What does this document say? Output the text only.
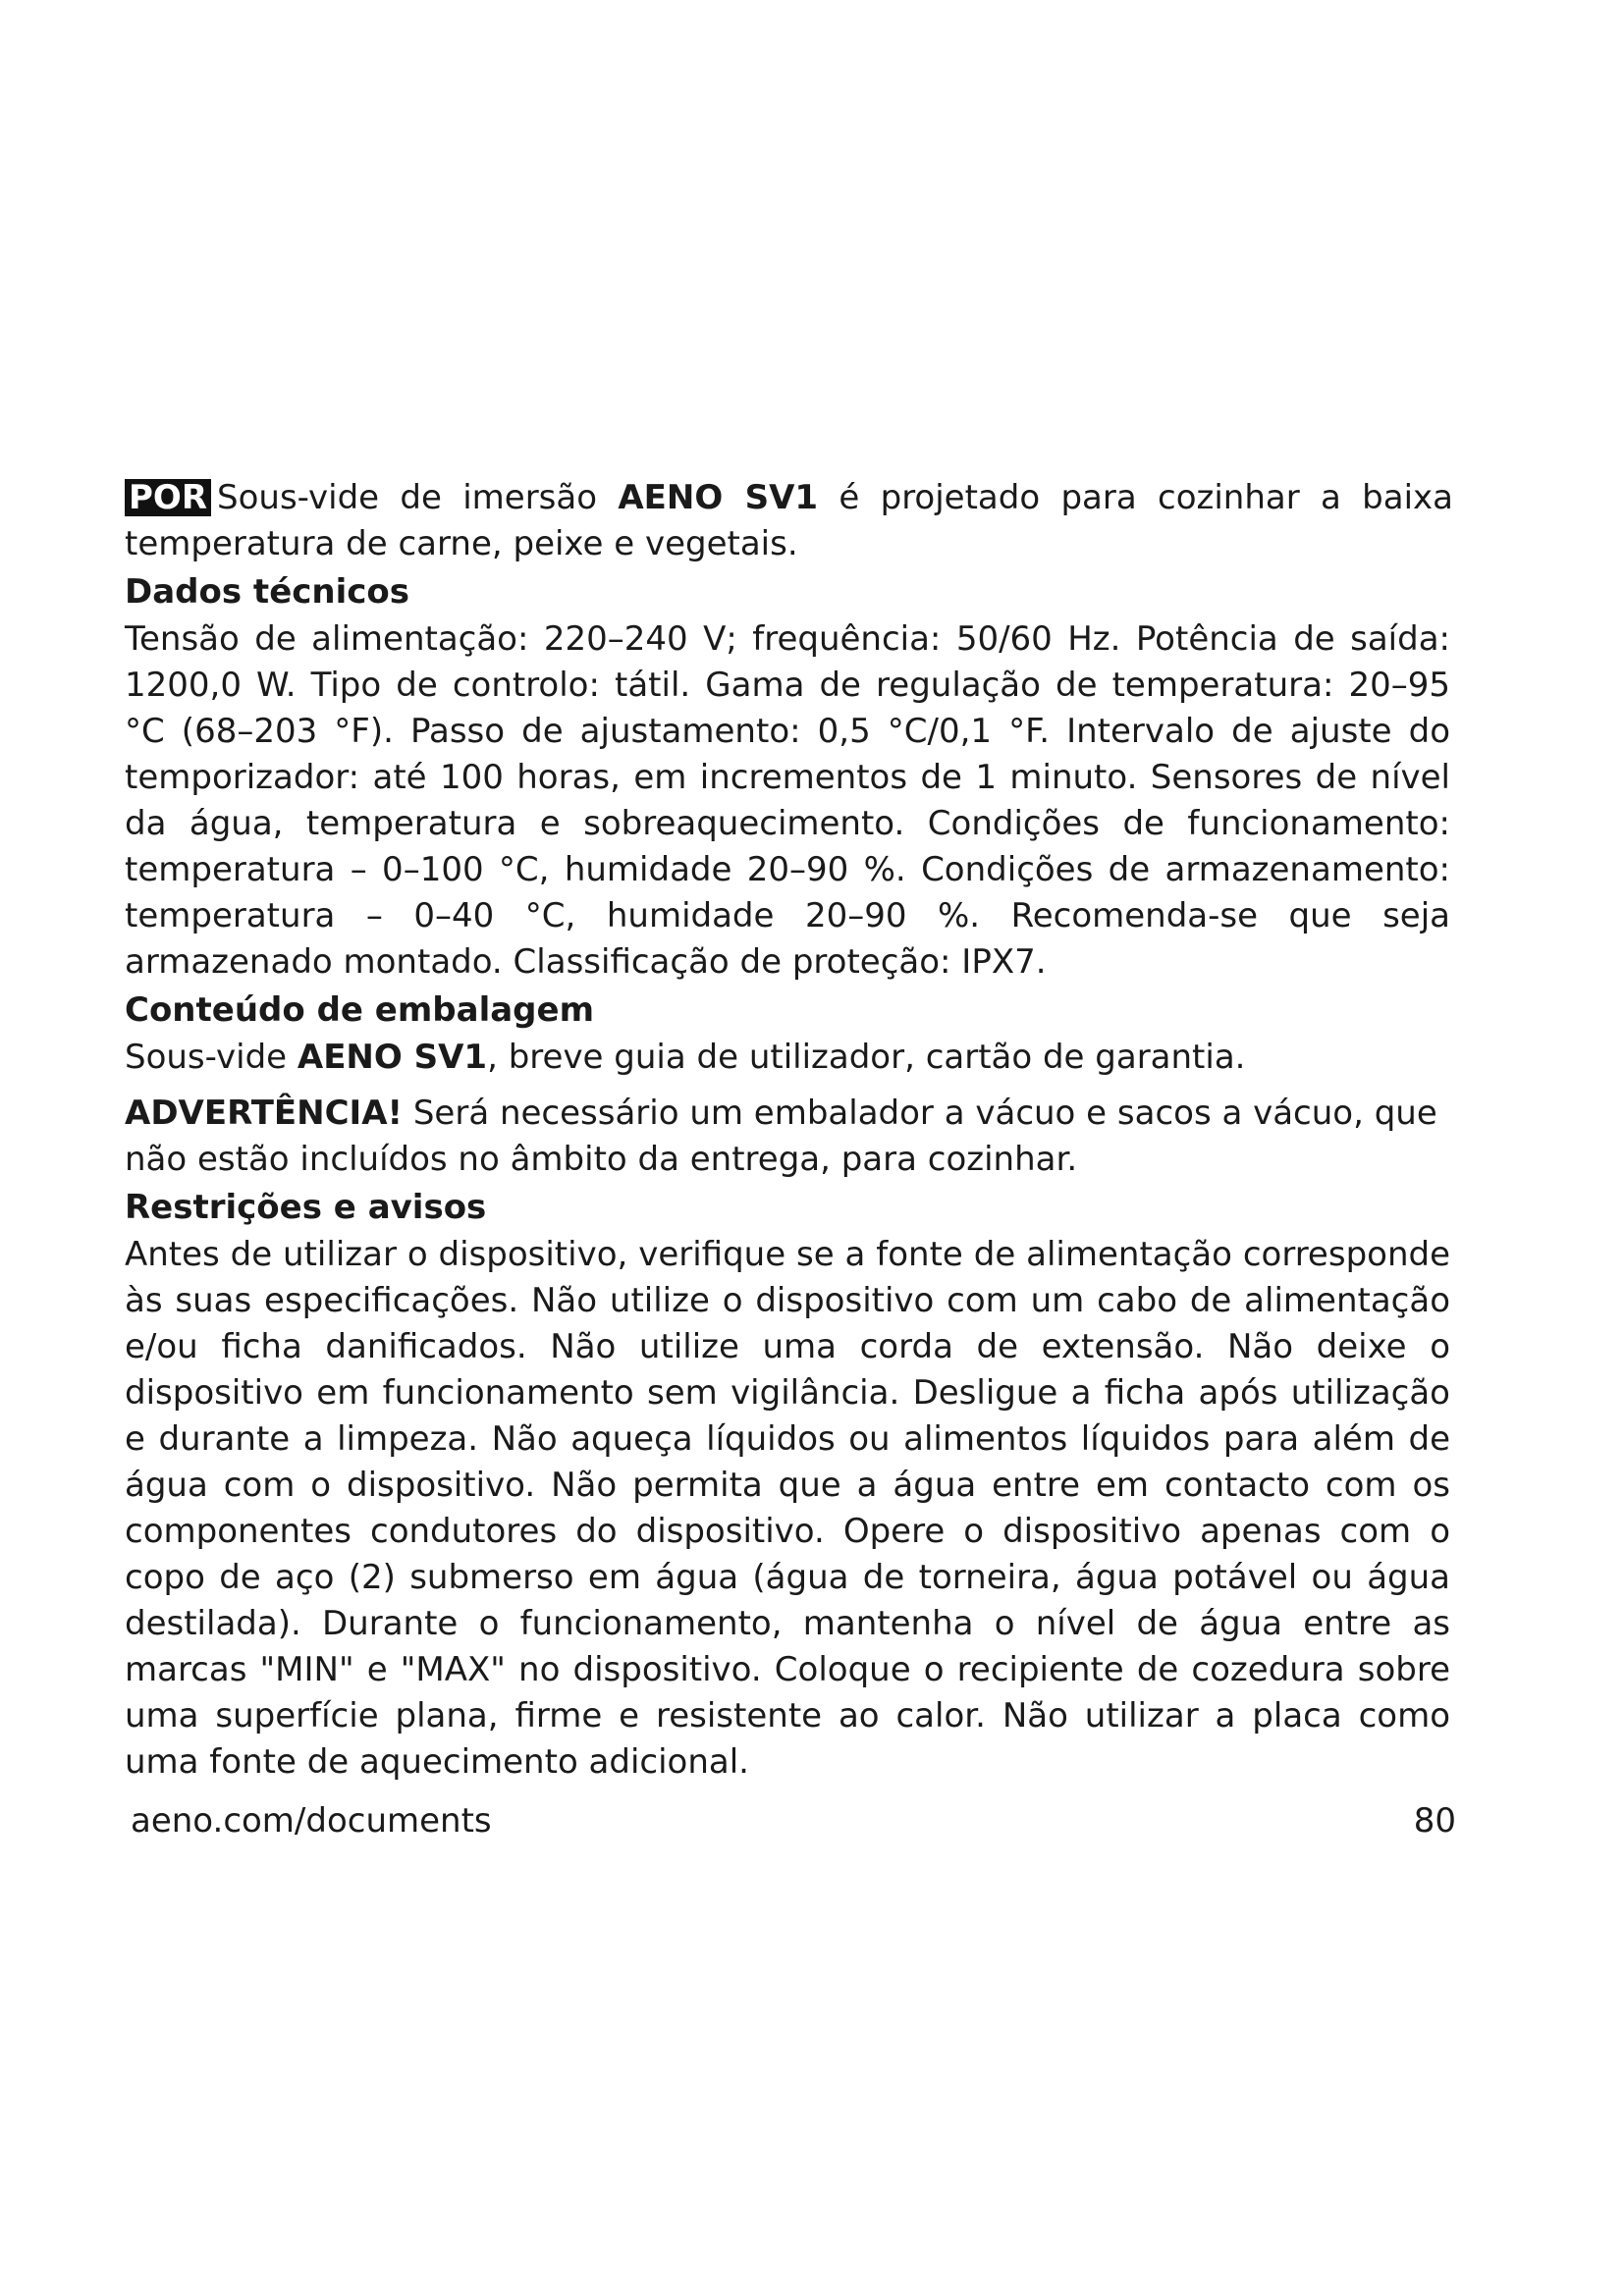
POR Sous-vide de imersão AENO SV1 é projetado para cozinhar a baixa temperatura de carne, peixe e vegetais.

Dados técnicos

Tensão de alimentação: 220–240 V; frequência: 50/60 Hz. Potência de saída: 1200,0 W. Tipo de controlo: tátil. Gama de regulação de temperatura: 20–95 °C (68–203 °F). Passo de ajustamento: 0,5 °C/0,1 °F. Intervalo de ajuste do temporizador: até 100 horas, em incrementos de 1 minuto. Sensores de nível da água, temperatura e sobreaquecimento. Condições de funcionamento: temperatura – 0–100 °C, humidade 20–90 %. Condições de armazenamento: temperatura – 0–40 °C, humidade 20–90 %. Recomenda-se que seja armazenado montado. Classificação de proteção: IPX7.

Conteúdo de embalagem

Sous-vide AENO SV1, breve guia de utilizador, cartão de garantia.

ADVERTÊNCIA! Será necessário um embalador a vácuo e sacos a vácuo, que não estão incluídos no âmbito da entrega, para cozinhar.

Restrições e avisos

Antes de utilizar o dispositivo, verifique se a fonte de alimentação corresponde às suas especificações. Não utilize o dispositivo com um cabo de alimentação e/ou ficha danificados. Não utilize uma corda de extensão. Não deixe o dispositivo em funcionamento sem vigilância. Desligue a ficha após utilização e durante a limpeza. Não aqueça líquidos ou alimentos líquidos para além de água com o dispositivo. Não permita que a água entre em contacto com os componentes condutores do dispositivo. Opere o dispositivo apenas com o copo de aço (2) submerso em água (água de torneira, água potável ou água destilada). Durante o funcionamento, mantenha o nível de água entre as marcas "MIN" e "MAX" no dispositivo. Coloque o recipiente de cozedura sobre uma superfície plana, firme e resistente ao calor. Não utilizar a placa como uma fonte de aquecimento adicional.

aeno.com/documents	80
